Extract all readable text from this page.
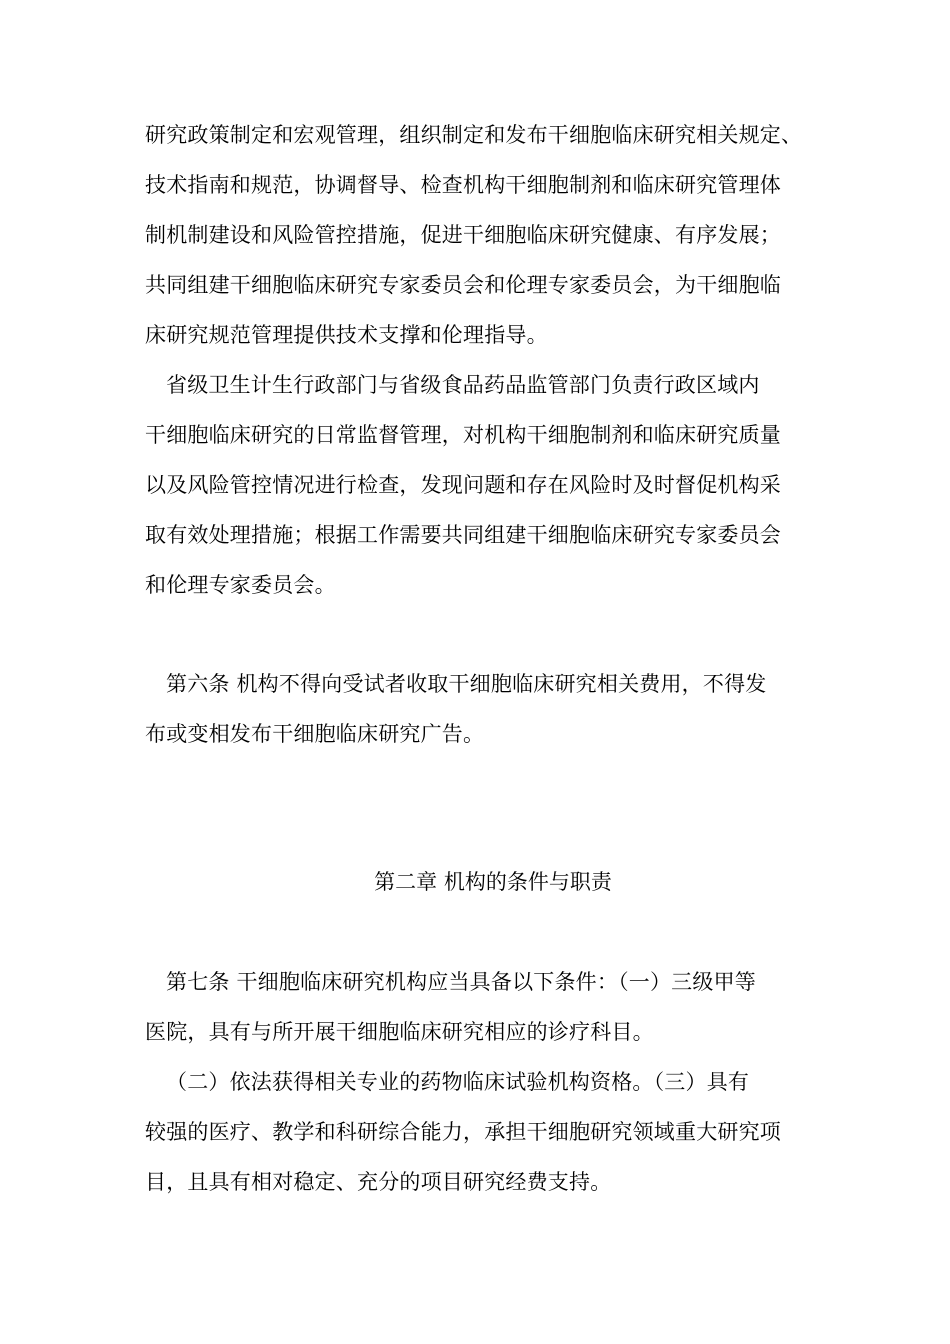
研究政策制定和宏观管理，组织制定和发布干细胞临床研究相关规定、
技术指南和规范，协调督导、检查机构干细胞制剂和临床研究管理体
制机制建设和风险管控措施，促进干细胞临床研究健康、有序发展；
共同组建干细胞临床研究专家委员会和伦理专家委员会，为干细胞临
床研究规范管理提供技术支撑和伦理指导。
省级卫生计生行政部门与省级食品药品监管部门负责行政区域内
干细胞临床研究的日常监督管理，对机构干细胞制剂和临床研究质量
以及风险管控情况进行检查，发现问题和存在风险时及时督促机构采
取有效处理措施；根据工作需要共同组建干细胞临床研究专家委员会
和伦理专家委员会。
第六条 机构不得向受试者收取干细胞临床研究相关费用，不得发
布或变相发布干细胞临床研究广告。
第二章 机构的条件与职责
第七条 干细胞临床研究机构应当具备以下条件：（一）三级甲等
医院，具有与所开展干细胞临床研究相应的诊疗科目。
（二）依法获得相关专业的药物临床试验机构资格。（三）具有
较强的医疗、教学和科研综合能力，承担干细胞研究领域重大研究项
目，且具有相对稳定、充分的项目研究经费支持。
